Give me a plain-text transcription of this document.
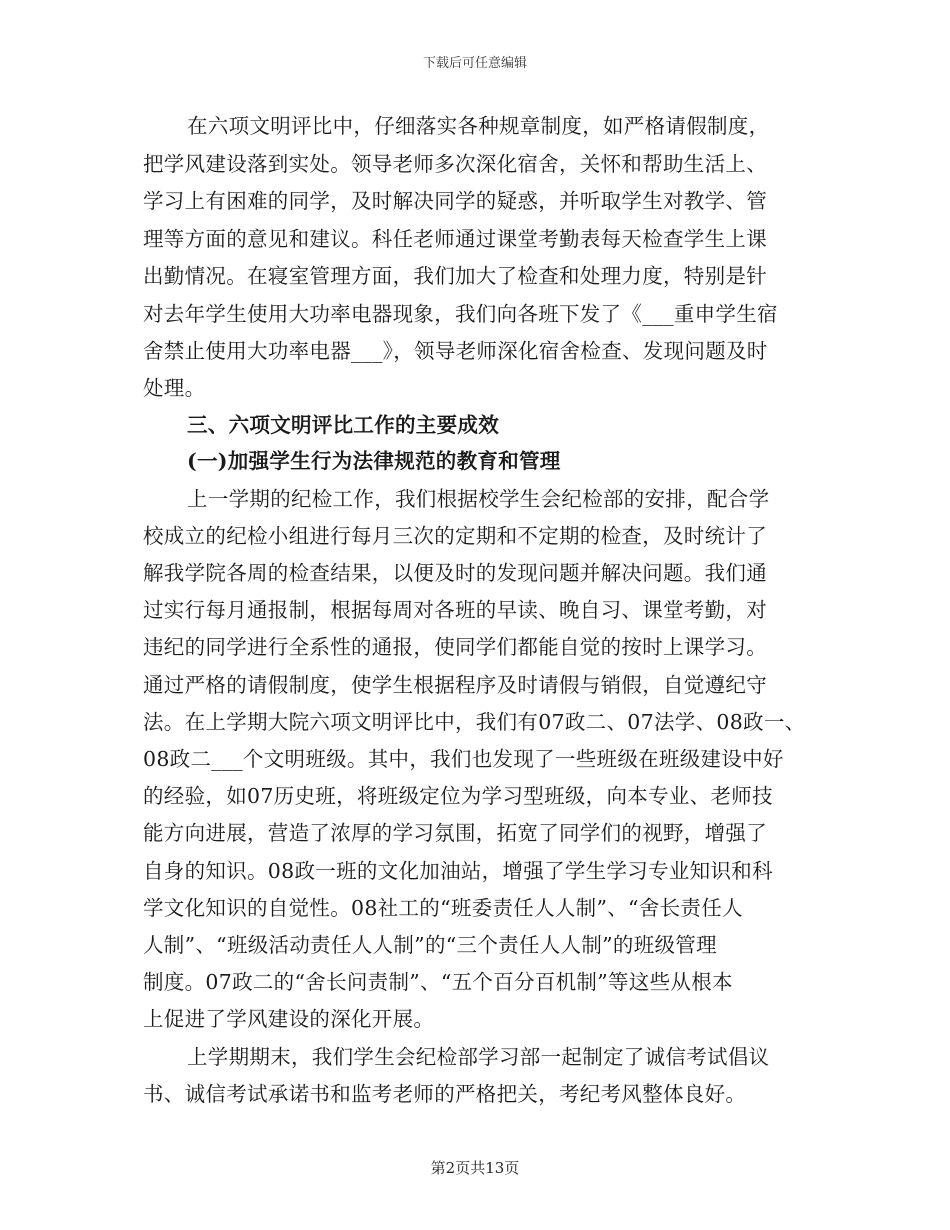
下载后可任意编辑
在六项文明评比中，仔细落实各种规章制度，如严格请假制度，
把学风建设落到实处。领导老师多次深化宿舍，关怀和帮助生活上、
学习上有困难的同学，及时解决同学的疑惑，并听取学生对教学、管
理等方面的意见和建议。科任老师通过课堂考勤表每天检查学生上课
出勤情况。在寝室管理方面，我们加大了检查和处理力度，特别是针
对去年学生使用大功率电器现象，我们向各班下发了《___重申学生宿
舍禁止使用大功率电器___》，领导老师深化宿舍检查、发现问题及时
处理。
三、六项文明评比工作的主要成效
(一)加强学生行为法律规范的教育和管理
上一学期的纪检工作，我们根据校学生会纪检部的安排，配合学
校成立的纪检小组进行每月三次的定期和不定期的检查，及时统计了
解我学院各周的检查结果，以便及时的发现问题并解决问题。我们通
过实行每月通报制，根据每周对各班的早读、晚自习、课堂考勤，对
违纪的同学进行全系性的通报，使同学们都能自觉的按时上课学习。
通过严格的请假制度，使学生根据程序及时请假与销假，自觉遵纪守
法。在上学期大院六项文明评比中，我们有07政二、07法学、08政一、
08政二___个文明班级。其中，我们也发现了一些班级在班级建设中好
的经验，如07历史班，将班级定位为学习型班级，向本专业、老师技
能方向进展，营造了浓厚的学习氛围，拓宽了同学们的视野，增强了
自身的知识。08政一班的文化加油站，增强了学生学习专业知识和科
学文化知识的自觉性。08社工的“班委责任人人制”、“舍长责任人
人制”、“班级活动责任人人制”的“三个责任人人制”的班级管理
制度。07政二的“舍长问责制”、“五个百分百机制”等这些从根本
上促进了学风建设的深化开展。
上学期期末，我们学生会纪检部学习部一起制定了诚信考试倡议
书、诚信考试承诺书和监考老师的严格把关，考纪考风整体良好。
第2页共13页
